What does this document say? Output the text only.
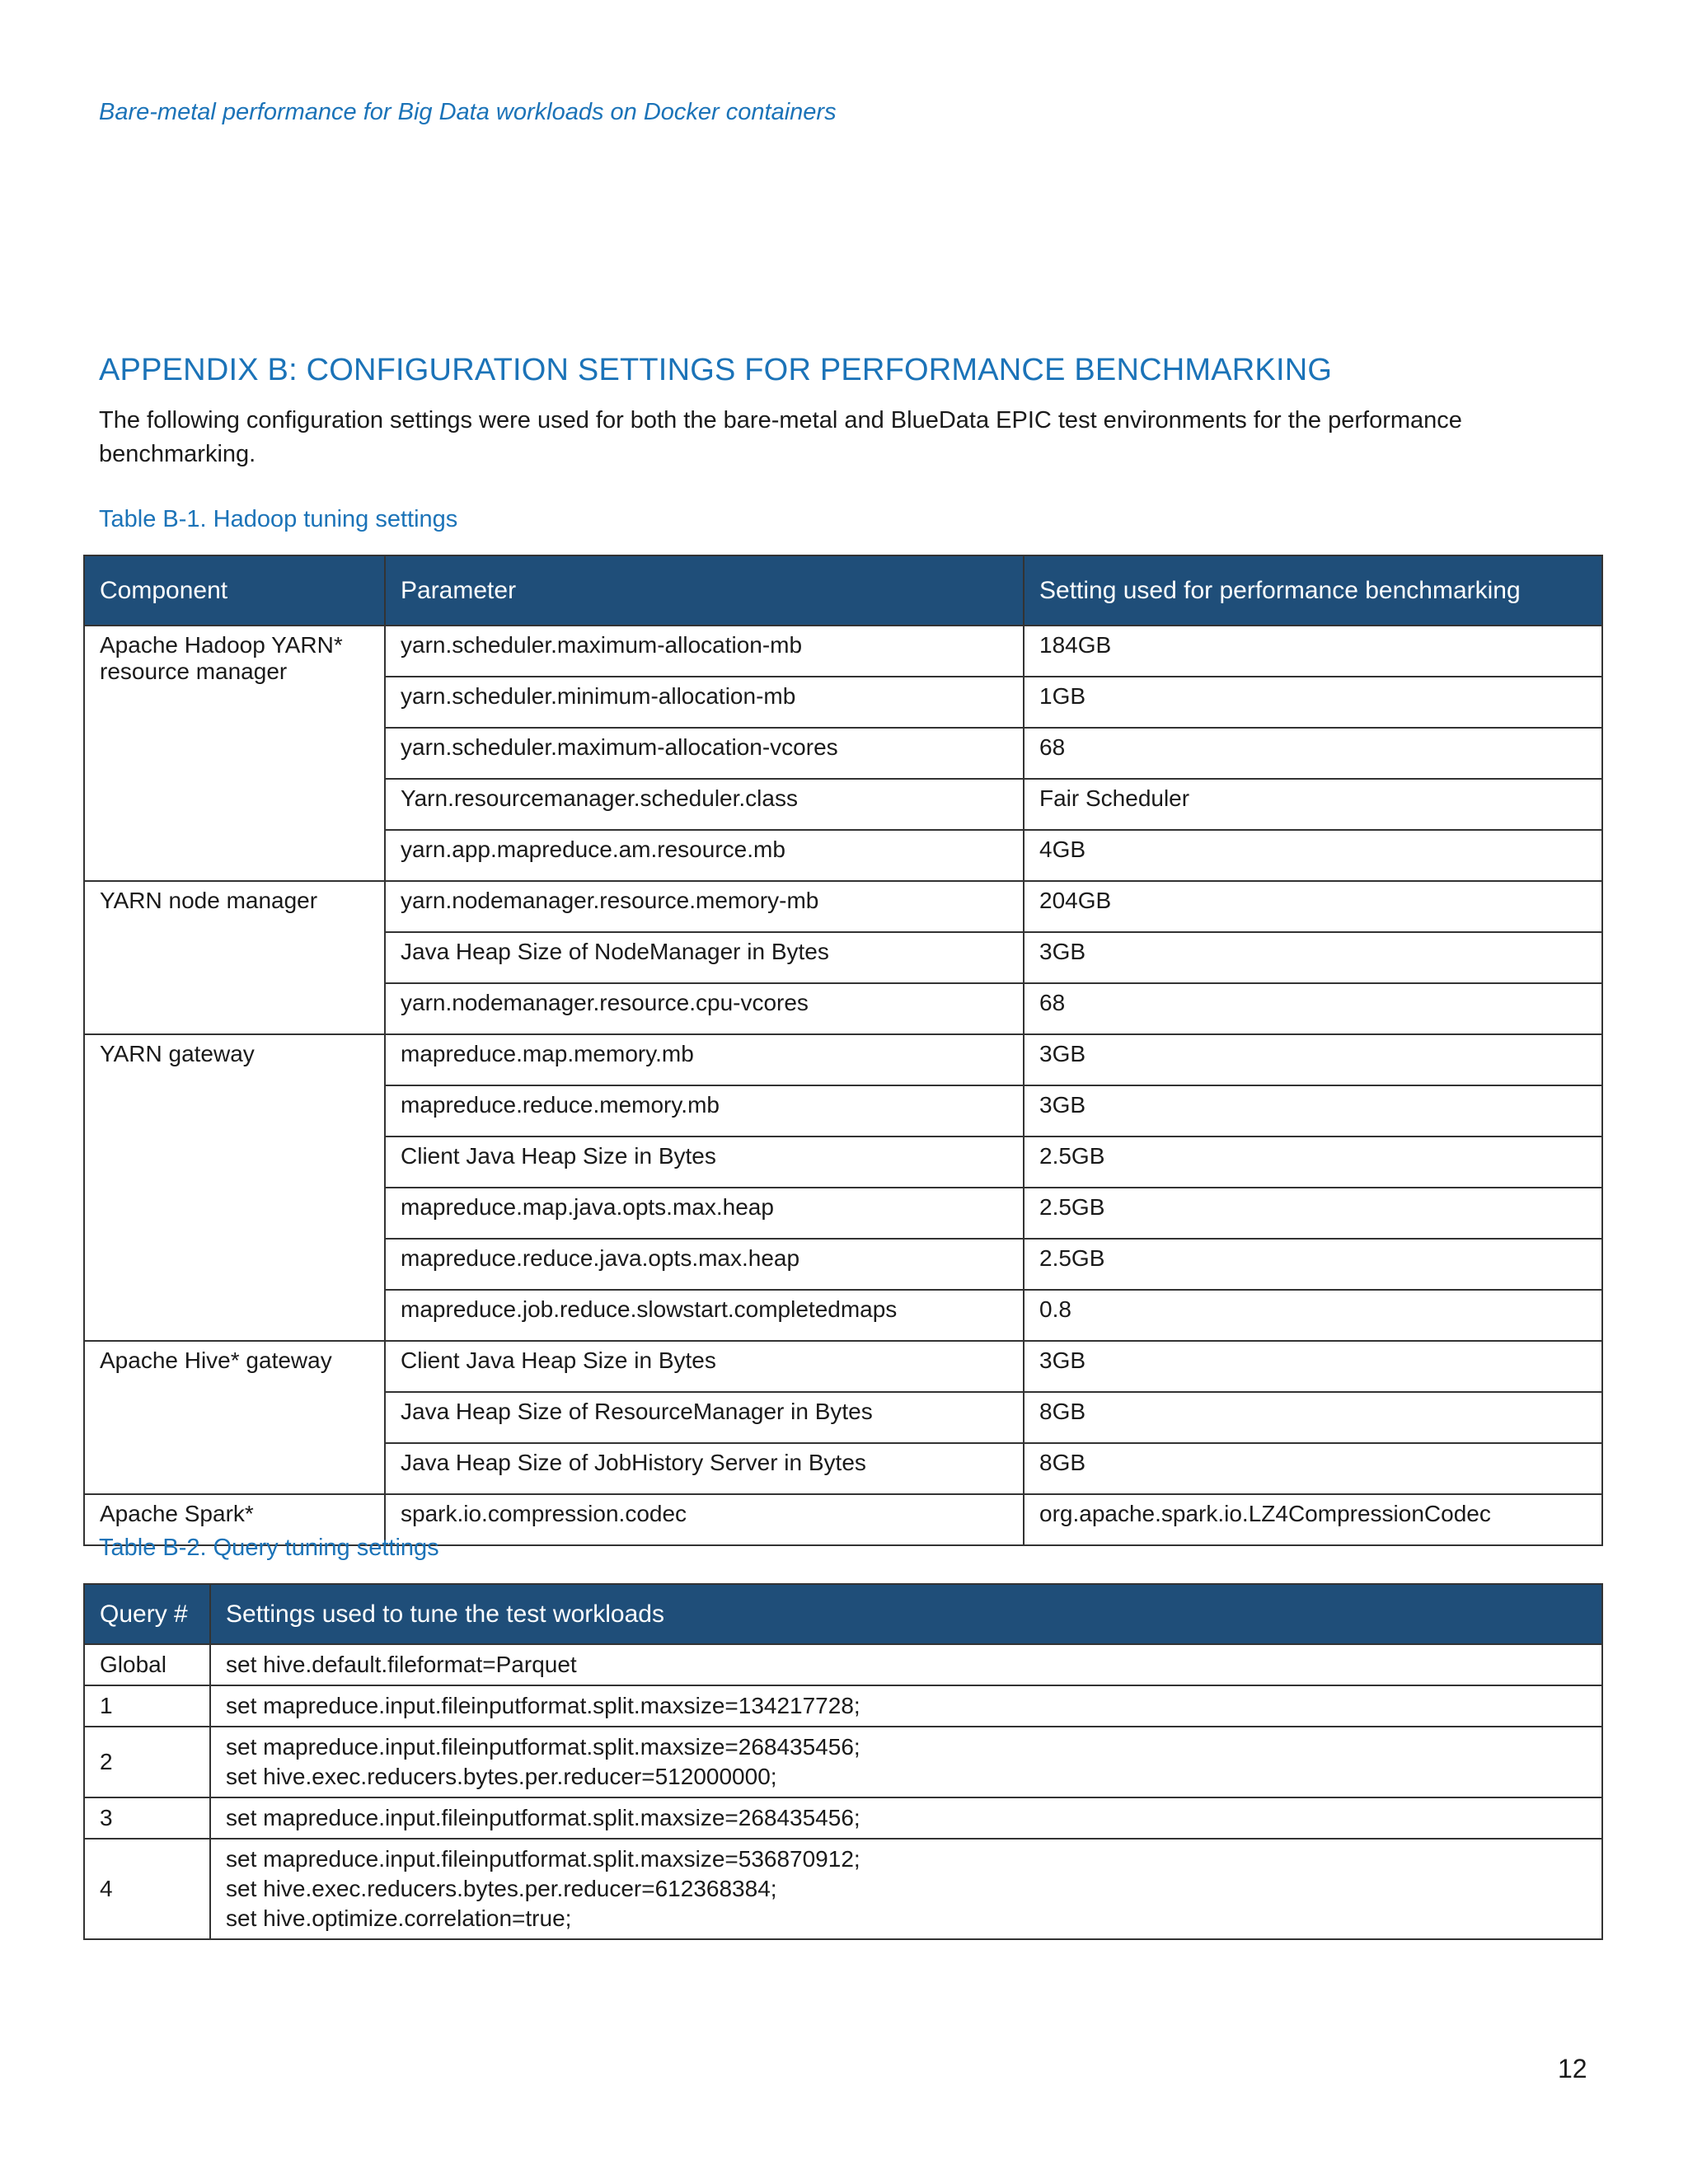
Bare-metal performance for Big Data workloads on Docker containers
APPENDIX B: CONFIGURATION SETTINGS FOR PERFORMANCE BENCHMARKING
The following configuration settings were used for both the bare-metal and BlueData EPIC test environments for the performance benchmarking.
Table B-1. Hadoop tuning settings
Component	Parameter	Setting used for performance benchmarking
Apache Hadoop YARN* resource manager	yarn.scheduler.maximum-allocation-mb	184GB
	yarn.scheduler.minimum-allocation-mb	1GB
	yarn.scheduler.maximum-allocation-vcores	68
	Yarn.resourcemanager.scheduler.class	Fair Scheduler
	yarn.app.mapreduce.am.resource.mb	4GB
YARN node manager	yarn.nodemanager.resource.memory-mb	204GB
	Java Heap Size of NodeManager in Bytes	3GB
	yarn.nodemanager.resource.cpu-vcores	68
YARN gateway	mapreduce.map.memory.mb	3GB
	mapreduce.reduce.memory.mb	3GB
	Client Java Heap Size in Bytes	2.5GB
	mapreduce.map.java.opts.max.heap	2.5GB
	mapreduce.reduce.java.opts.max.heap	2.5GB
	mapreduce.job.reduce.slowstart.completedmaps	0.8
Apache Hive* gateway	Client Java Heap Size in Bytes	3GB
	Java Heap Size of ResourceManager in Bytes	8GB
	Java Heap Size of JobHistory Server in Bytes	8GB
Apache Spark*	spark.io.compression.codec	org.apache.spark.io.LZ4CompressionCodec
Table B-2. Query tuning settings
Query #	Settings used to tune the test workloads
Global	set hive.default.fileformat=Parquet

1	set mapreduce.input.fileinputformat.split.maxsize=134217728;

2	set mapreduce.input.fileinputformat.split.maxsize=268435456;
set hive.exec.reducers.bytes.per.reducer=512000000;

3	set mapreduce.input.fileinputformat.split.maxsize=268435456;

4	set mapreduce.input.fileinputformat.split.maxsize=536870912;
set hive.exec.reducers.bytes.per.reducer=612368384;
set hive.optimize.correlation=true;
12
